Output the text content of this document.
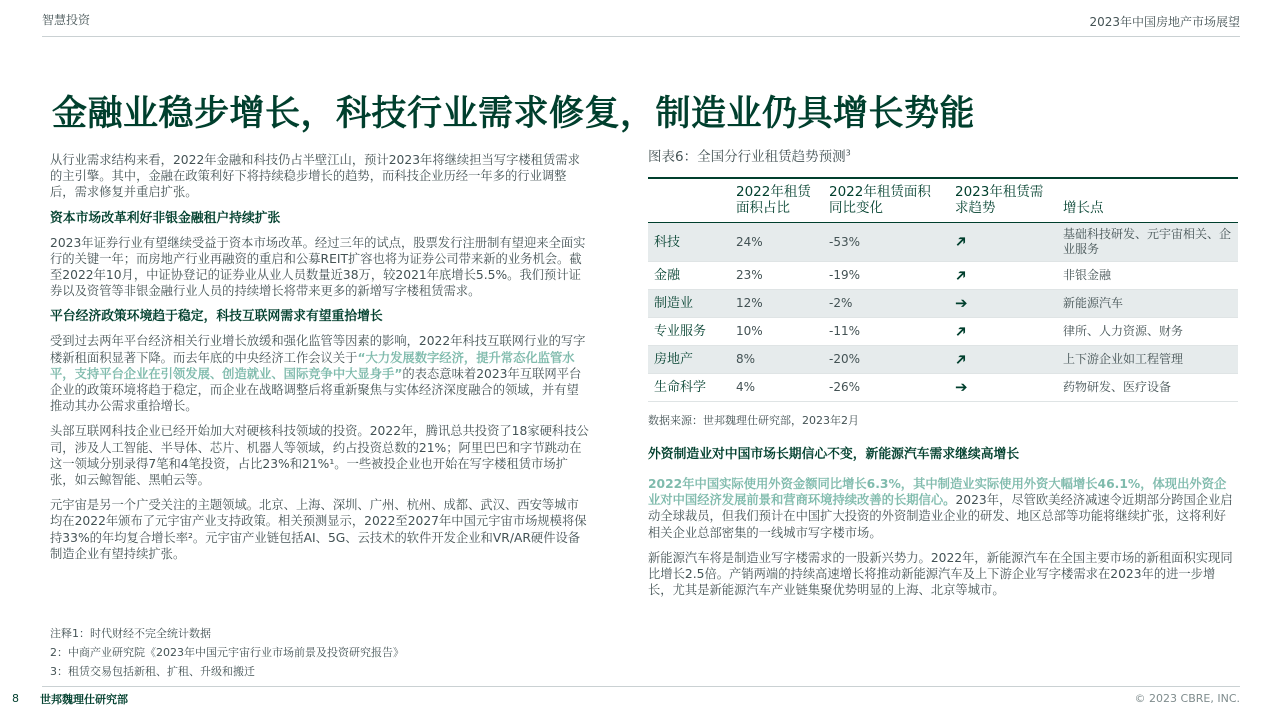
智慧投资	2023年中国房地产市场展望
金融业稳步增长，科技行业需求修复，制造业仍具增长势能

从行业需求结构来看，2022年金融和科技仍占半壁江山，预计2023年将继续担当写字楼租赁需求的主引擎。其中，金融在政策利好下将持续稳步增长的趋势，而科技企业历经一年多的行业调整后，需求修复并重启扩张。

资本市场改革利好非银金融租户持续扩张

2023年证券行业有望继续受益于资本市场改革。经过三年的试点，股票发行注册制有望迎来全面实行的关键一年；而房地产行业再融资的重启和公募REIT扩容也将为证券公司带来新的业务机会。截至2022年10月，中证协登记的证券业从业人员数量近38万，较2021年底增长5.5%。我们预计证券以及资管等非银金融行业人员的持续增长将带来更多的新增写字楼租赁需求。

平台经济政策环境趋于稳定，科技互联网需求有望重拾增长

受到过去两年平台经济相关行业增长放缓和强化监管等因素的影响，2022年科技互联网行业的写字楼新租面积显著下降。而去年底的中央经济工作会议关于“大力发展数字经济，提升常态化监管水平，支持平台企业在引领发展、创造就业、国际竞争中大显身手”的表态意味着2023年互联网平台企业的政策环境将趋于稳定，而企业在战略调整后将重新聚焦与实体经济深度融合的领域，并有望推动其办公需求重拾增长。

头部互联网科技企业已经开始加大对硬核科技领域的投资。2022年，腾讯总共投资了18家硬科技公司，涉及人工智能、半导体、芯片、机器人等领域，约占投资总数的21%；阿里巴巴和字节跳动在这一领域分别录得7笔和4笔投资，占比23%和21%¹。一些被投企业也开始在写字楼租赁市场扩张，如云鲸智能、黑帕云等。

元宇宙是另一个广受关注的主题领域。北京、上海、深圳、广州、杭州、成都、武汉、西安等城市均在2022年颁布了元宇宙产业支持政策。相关预测显示，2022至2027年中国元宇宙市场规模将保持33%的年均复合增长率²。元宇宙产业链包括AI、5G、云技术的软件开发企业和VR/AR硬件设备制造企业有望持续扩张。

注释1：时代财经不完全统计数据
2：中商产业研究院《2023年中国元宇宙行业市场前景及投资研究报告》
3：租赁交易包括新租、扩租、升级和搬迁
图表6：全国分行业租赁趋势预测$^3$
	2022年租赁面积占比	2022年租赁面积同比变化	2023年租赁需求趋势	增长点
科技	24%	-53%	➔	基础科技研发、元宇宙相关、企业服务
金融	23%	-19%	➔	非银金融
制造业	12%	-2%	➔	新能源汽车
专业服务	10%	-11%	➔	律所、人力资源、财务
房地产	8%	-20%	➔	上下游企业如工程管理
生命科学	4%	-26%	➔	药物研发、医疗设备
数据来源：世邦魏理仕研究部，2023年2月
外资制造业对中国市场长期信心不变，新能源汽车需求继续高增长

2022年中国实际使用外资金额同比增长6.3%，其中制造业实际使用外资大幅增长46.1%，体现出外资企业对中国经济发展前景和营商环境持续改善的长期信心。2023年，尽管欧美经济减速令近期部分跨国企业启动全球裁员，但我们预计在中国扩大投资的外资制造业企业的研发、地区总部等功能将继续扩张，这将利好相关企业总部密集的一线城市写字楼市场。

新能源汽车将是制造业写字楼需求的一股新兴势力。2022年，新能源汽车在全国主要市场的新租面积实现同比增长2.5倍。产销两端的持续高速增长将推动新能源汽车及上下游企业写字楼需求在2023年的进一步增长，尤其是新能源汽车产业链集聚优势明显的上海、北京等城市。

8 世邦魏理仕研究部	© 2023 CBRE, INC.
